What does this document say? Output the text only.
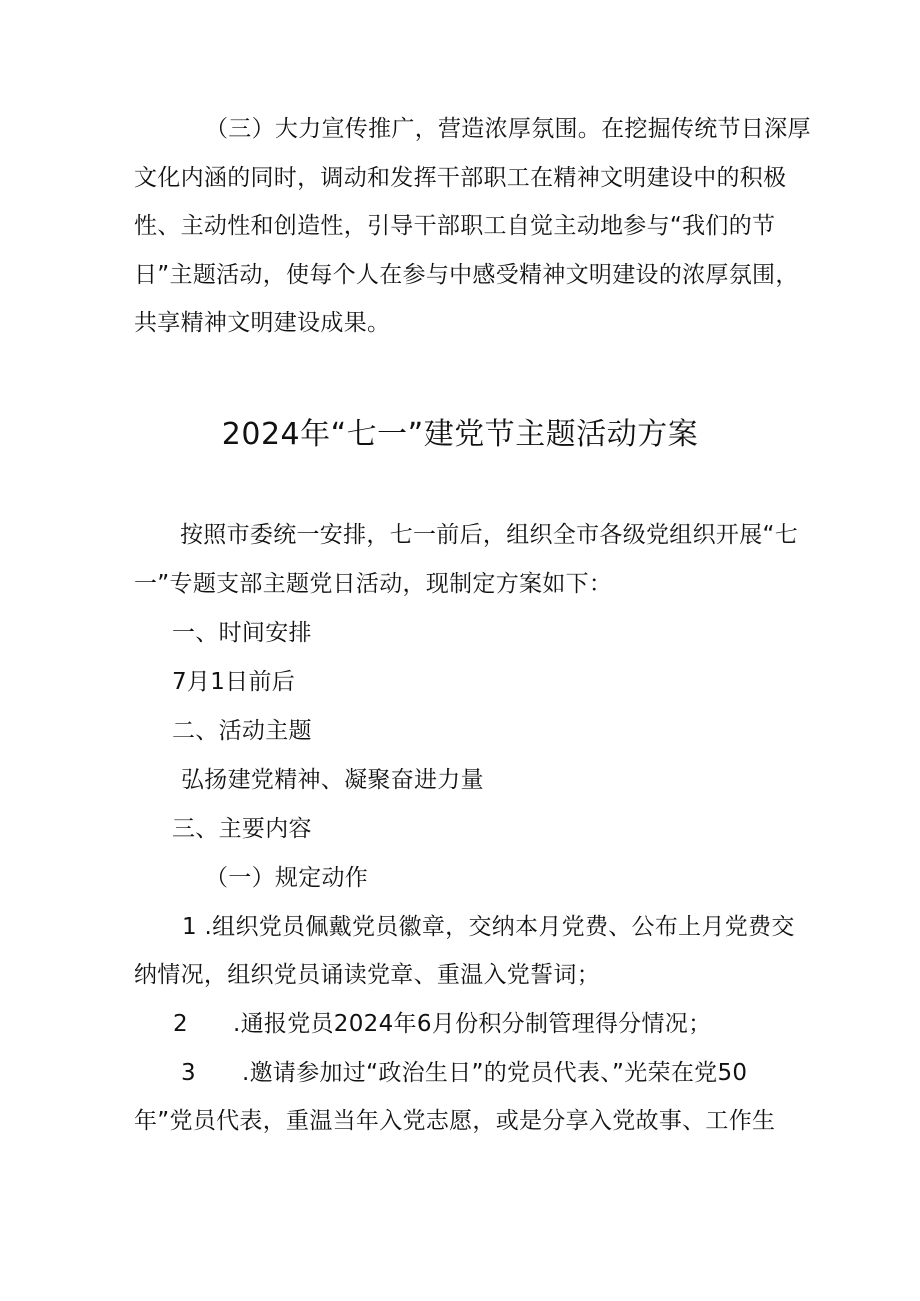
（三）大力宣传推广，营造浓厚氛围。在挖掘传统节日深厚
文化内涵的同时，调动和发挥干部职工在精神文明建设中的积极
性、主动性和创造性，引导干部职工自觉主动地参与“我们的节
日”主题活动，使每个人在参与中感受精神文明建设的浓厚氛围，
共享精神文明建设成果。
2024年“七一”建党节主题活动方案
按照市委统一安排，七一前后，组织全市各级党组织开展“七
一”专题支部主题党日活动，现制定方案如下：
一、时间安排
7月1日前后
二、活动主题
弘扬建党精神、凝聚奋进力量
三、主要内容
（一）规定动作
1 .组织党员佩戴党员徽章，交纳本月党费、公布上月党费交
纳情况，组织党员诵读党章、重温入党誓词；
2 .通报党员2024年6月份积分制管理得分情况；
3 .邀请参加过“政治生日”的党员代表、”光荣在党50
年”党员代表，重温当年入党志愿，或是分享入党故事、工作生
